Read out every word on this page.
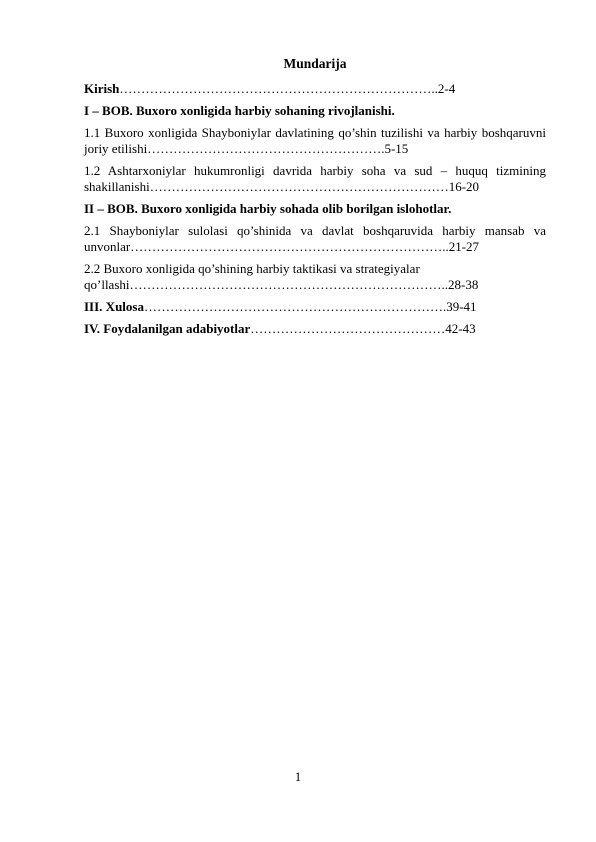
Mundarija
Kirish………………………………………………………………..2-4
I – BOB. Buxoro xonligida harbiy sohaning rivojlanishi.
1.1 Buxoro xonligida Shayboniylar davlatining qo’shin tuzilishi va harbiy boshqaruvni joriy etilishi……………………………………………….5-15
1.2 Ashtarxoniylar hukumronligi davrida harbiy soha va sud – huquq tizmining shakillanishi……………………………………………………………16-20
II – BOB. Buxoro xonligida harbiy sohada olib borilgan islohotlar.
2.1 Shayboniylar sulolasi qo’shinida va davlat boshqaruvida harbiy mansab va unvonlar………………………………………………………………..21-27
2.2 Buxoro xonligida qo’shining harbiy taktikasi va strategiyalar qo’llashi………………………………………………………………..28-38
III. Xulosa…………………………………………………………….39-41
IV. Foydalanilgan adabiyotlar………………………………………42-43
1
